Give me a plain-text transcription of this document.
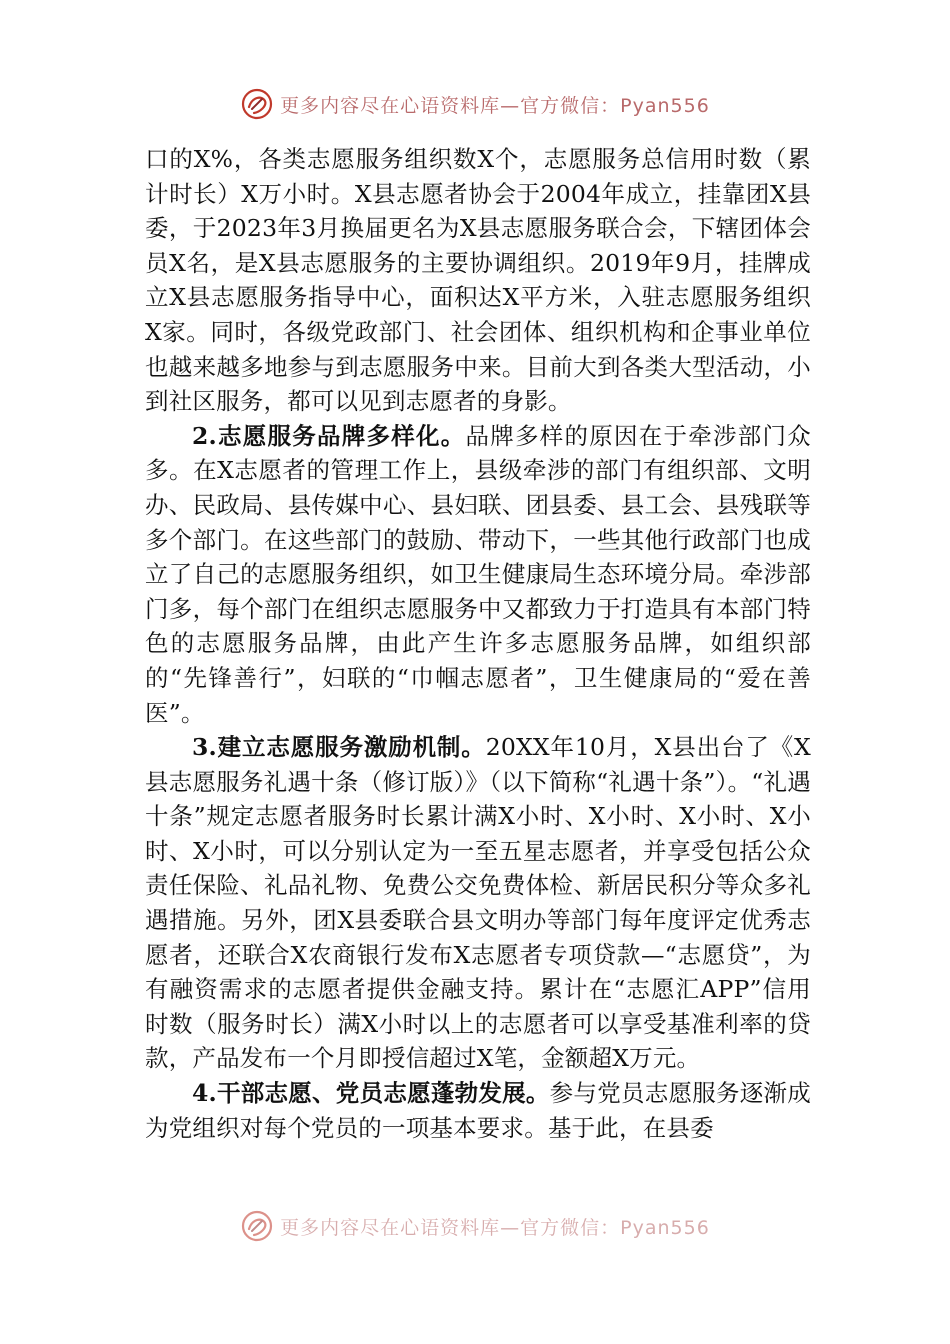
更多内容尽在心语资料库—官方微信：Pyan556

口的X%，各类志愿服务组织数X个，志愿服务总信用时数（累计时长）X万小时。X县志愿者协会于2004年成立，挂靠团X县委，于2023年3月换届更名为X县志愿服务联合会，下辖团体会员X名，是X县志愿服务的主要协调组织。2019年9月，挂牌成立X县志愿服务指导中心，面积达X平方米，入驻志愿服务组织X家。同时，各级党政部门、社会团体、组织机构和企事业单位也越来越多地参与到志愿服务中来。目前大到各类大型活动，小到社区服务，都可以见到志愿者的身影。

2.志愿服务品牌多样化。品牌多样的原因在于牵涉部门众多。在X志愿者的管理工作上，县级牵涉的部门有组织部、文明办、民政局、县传媒中心、县妇联、团县委、县工会、县残联等多个部门。在这些部门的鼓励、带动下，一些其他行政部门也成立了自己的志愿服务组织，如卫生健康局生态环境分局。牵涉部门多，每个部门在组织志愿服务中又都致力于打造具有本部门特色的志愿服务品牌，由此产生许多志愿服务品牌，如组织部的“先锋善行”，妇联的“巾帼志愿者”，卫生健康局的“爱在善医”。

3.建立志愿服务激励机制。20XX年10月，X县出台了《X县志愿服务礼遇十条（修订版）》（以下简称“礼遇十条”）。“礼遇十条”规定志愿者服务时长累计满X小时、X小时、X小时、X小时、X小时，可以分别认定为一至五星志愿者，并享受包括公众责任保险、礼品礼物、免费公交免费体检、新居民积分等众多礼遇措施。另外，团X县委联合县文明办等部门每年度评定优秀志愿者，还联合X农商银行发布X志愿者专项贷款—“志愿贷”，为有融资需求的志愿者提供金融支持。累计在“志愿汇APP”信用时数（服务时长）满X小时以上的志愿者可以享受基准利率的贷款，产品发布一个月即授信超过X笔，金额超X万元。

4.干部志愿、党员志愿蓬勃发展。参与党员志愿服务逐渐成为党组织对每个党员的一项基本要求。基于此，在县委

更多内容尽在心语资料库—官方微信：Pyan556
